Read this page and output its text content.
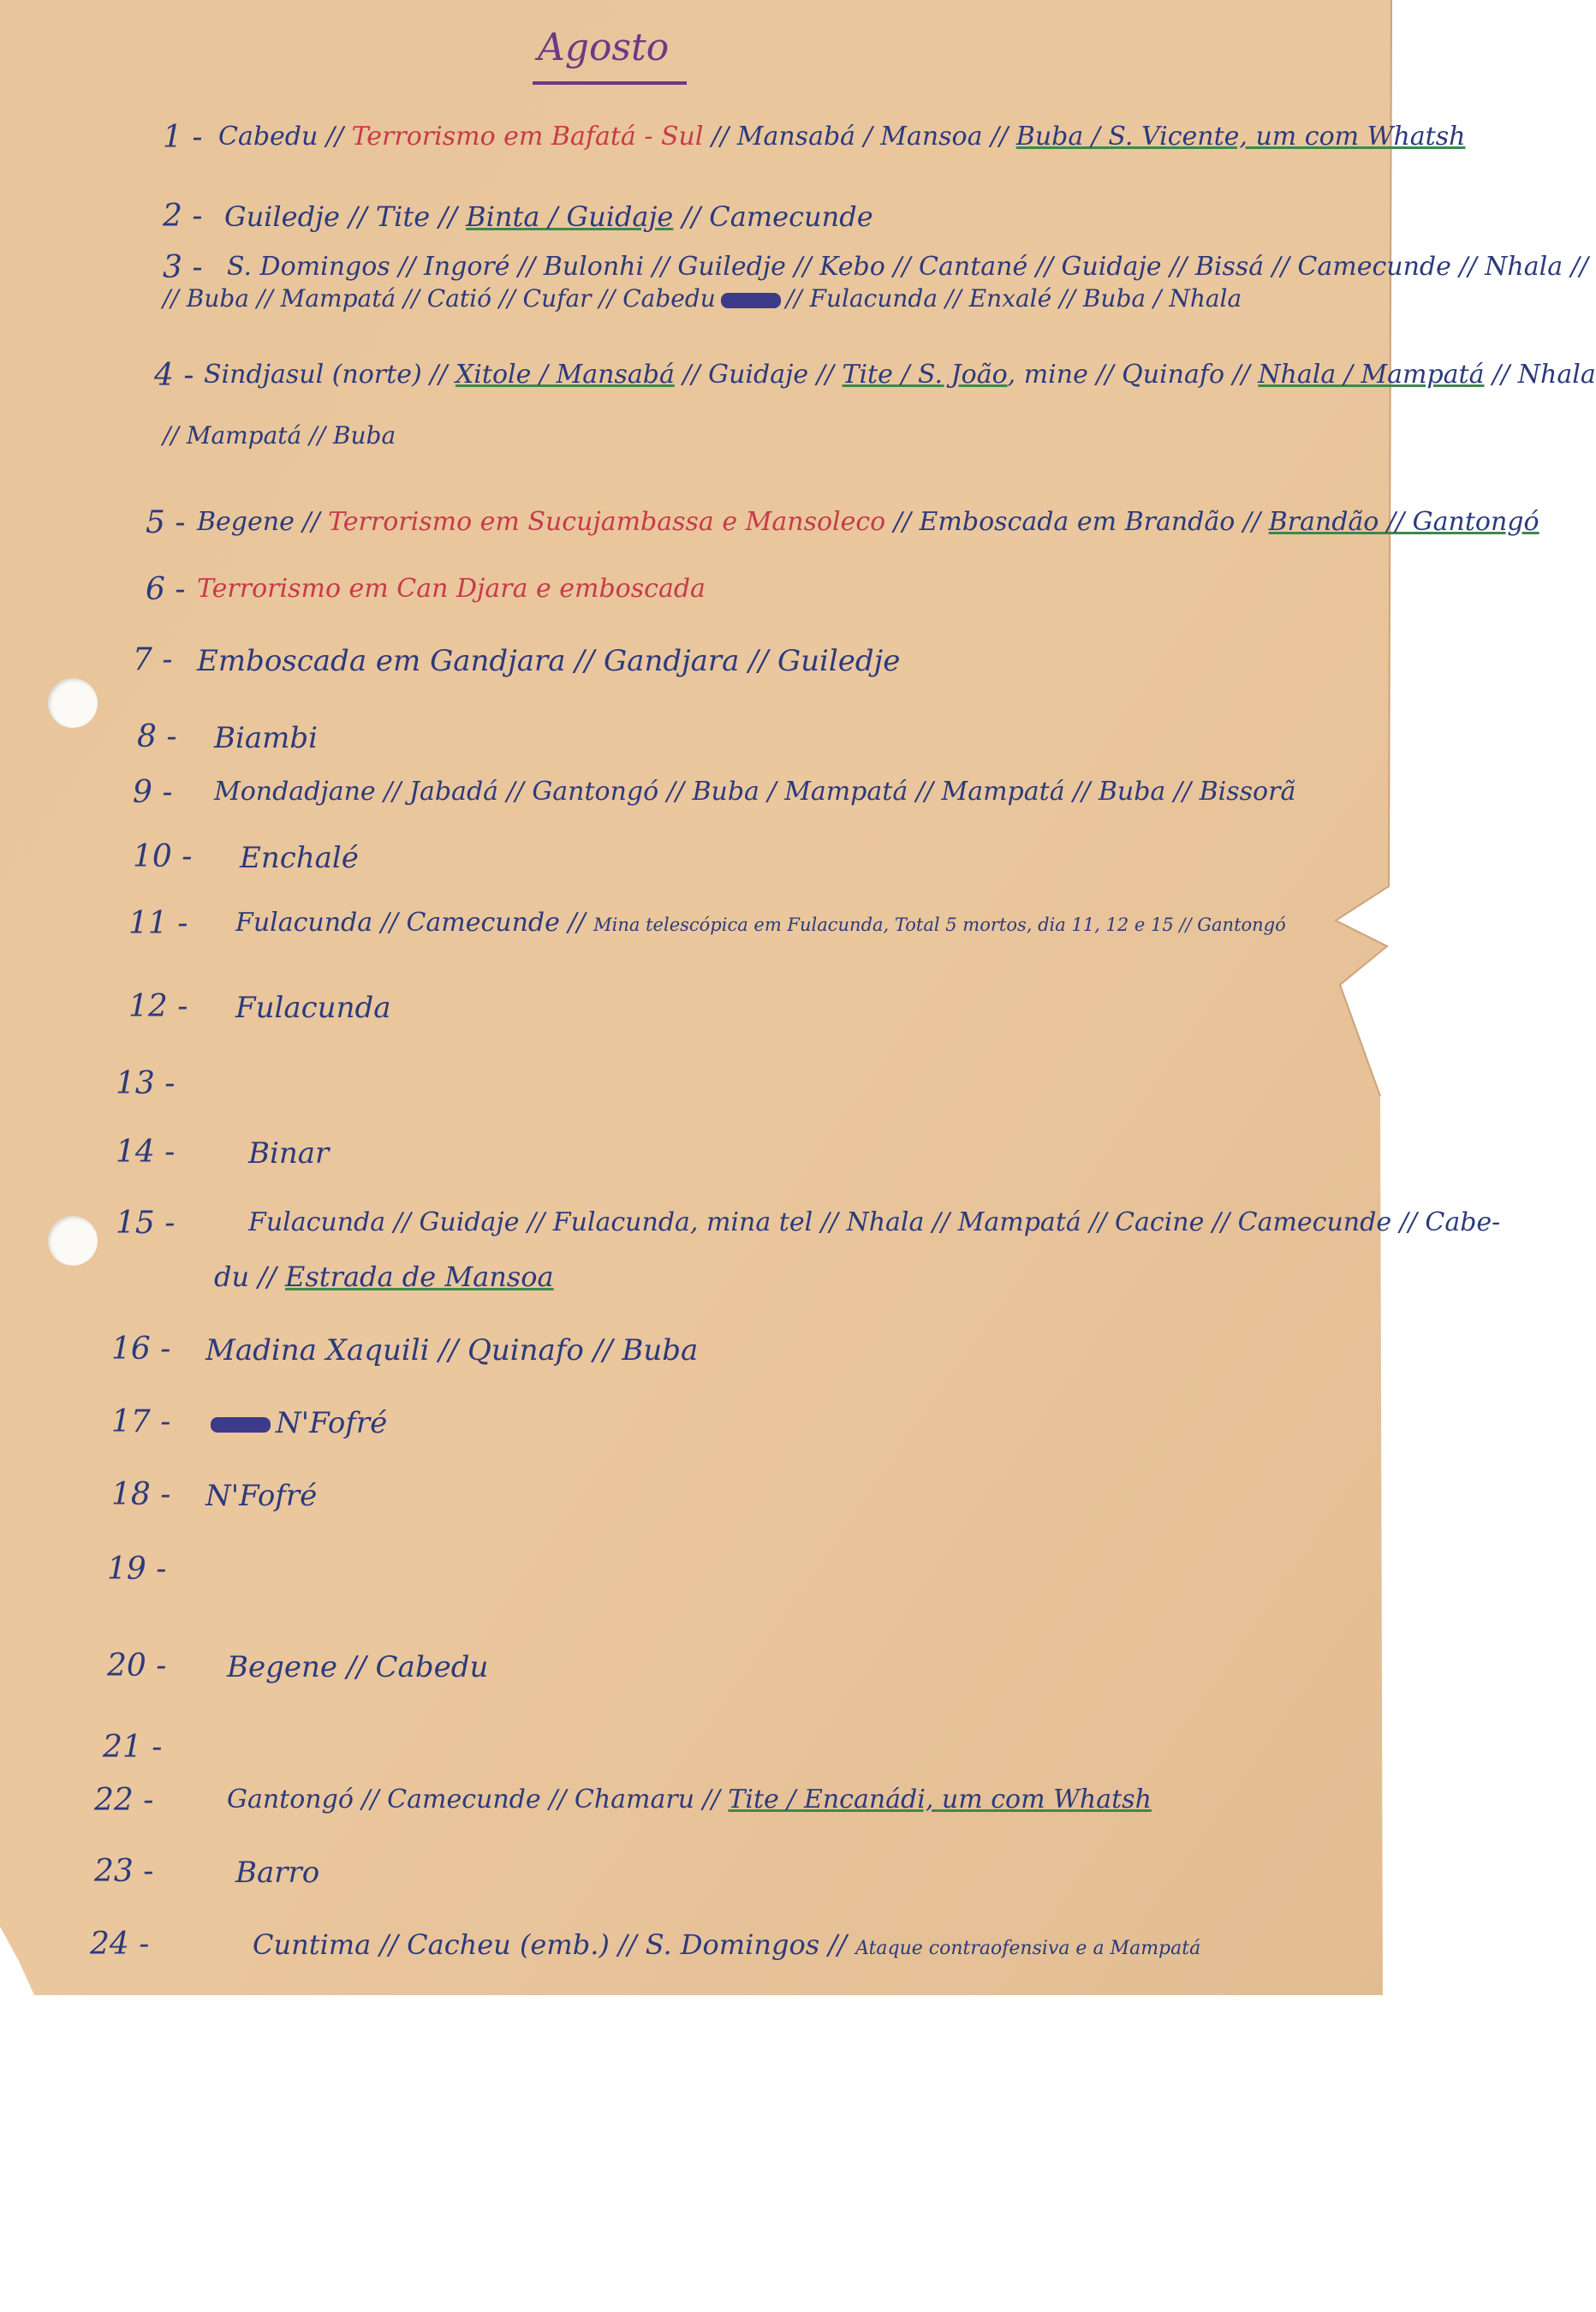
Agosto
1 - Cabedu // Terrorismo em Bafatá - Sul // Mansabá / Mansoa // Buba / S. Vicente, um com Whatsh
2 - Guiledje // Tite // Binta / Guidaje // Camecunde
3 - S. Domingos // Ingoré // Bulonhi // Guiledje // Kebo // Cantané // Guidaje // Bissá // Camecunde // Nhala //
// Buba // Mampatá // Catió // Cufar // Cabedu	// Fulacunda // Enxalé // Buba / Nhala
4 - Sindjasul (norte) // Xitole / Mansabá // Guidaje // Tite / S. João, mine // Quinafo // Nhala / Mampatá // Nhala
// Mampatá // Buba
5 - Begene // Terrorismo em Sucujambassa e Mansoleco // Emboscada em Brandão // Brandão // Gantongó
6 - Terrorismo em Can Djara e emboscada
7 - Emboscada em Gandjara // Gandjara // Guiledje
8 - Biambi
9 - Mondadjane // Jabadá // Gantongó // Buba / Mampatá // Mampatá // Buba // Bissorã
10 - Enchalé
11 - Fulacunda // Camecunde // Mina telescópica em Fulacunda, Total 5 mortos, dia 11, 12 e 15 // Gantongó
12 - Fulacunda
13 -
14 -	Binar
15 -	Fulacunda // Guidaje // Fulacunda, mina tel // Nhala // Mampatá // Cacine // Camecunde // Cabe-
du // Estrada de Mansoa
16 - Madina Xaquili // Quinafo // Buba
17 -	N'Fofré
18 - N'Fofré
19 -
20 - Begene // Cabedu
21 -
22 -	Gantongó // Camecunde // Chamaru // Tite / Encanádi, um com Whatsh
23 -	Barro
24 -	Cuntima // Cacheu (emb.) // S. Domingos // Ataque contraofensiva e a Mampatá
